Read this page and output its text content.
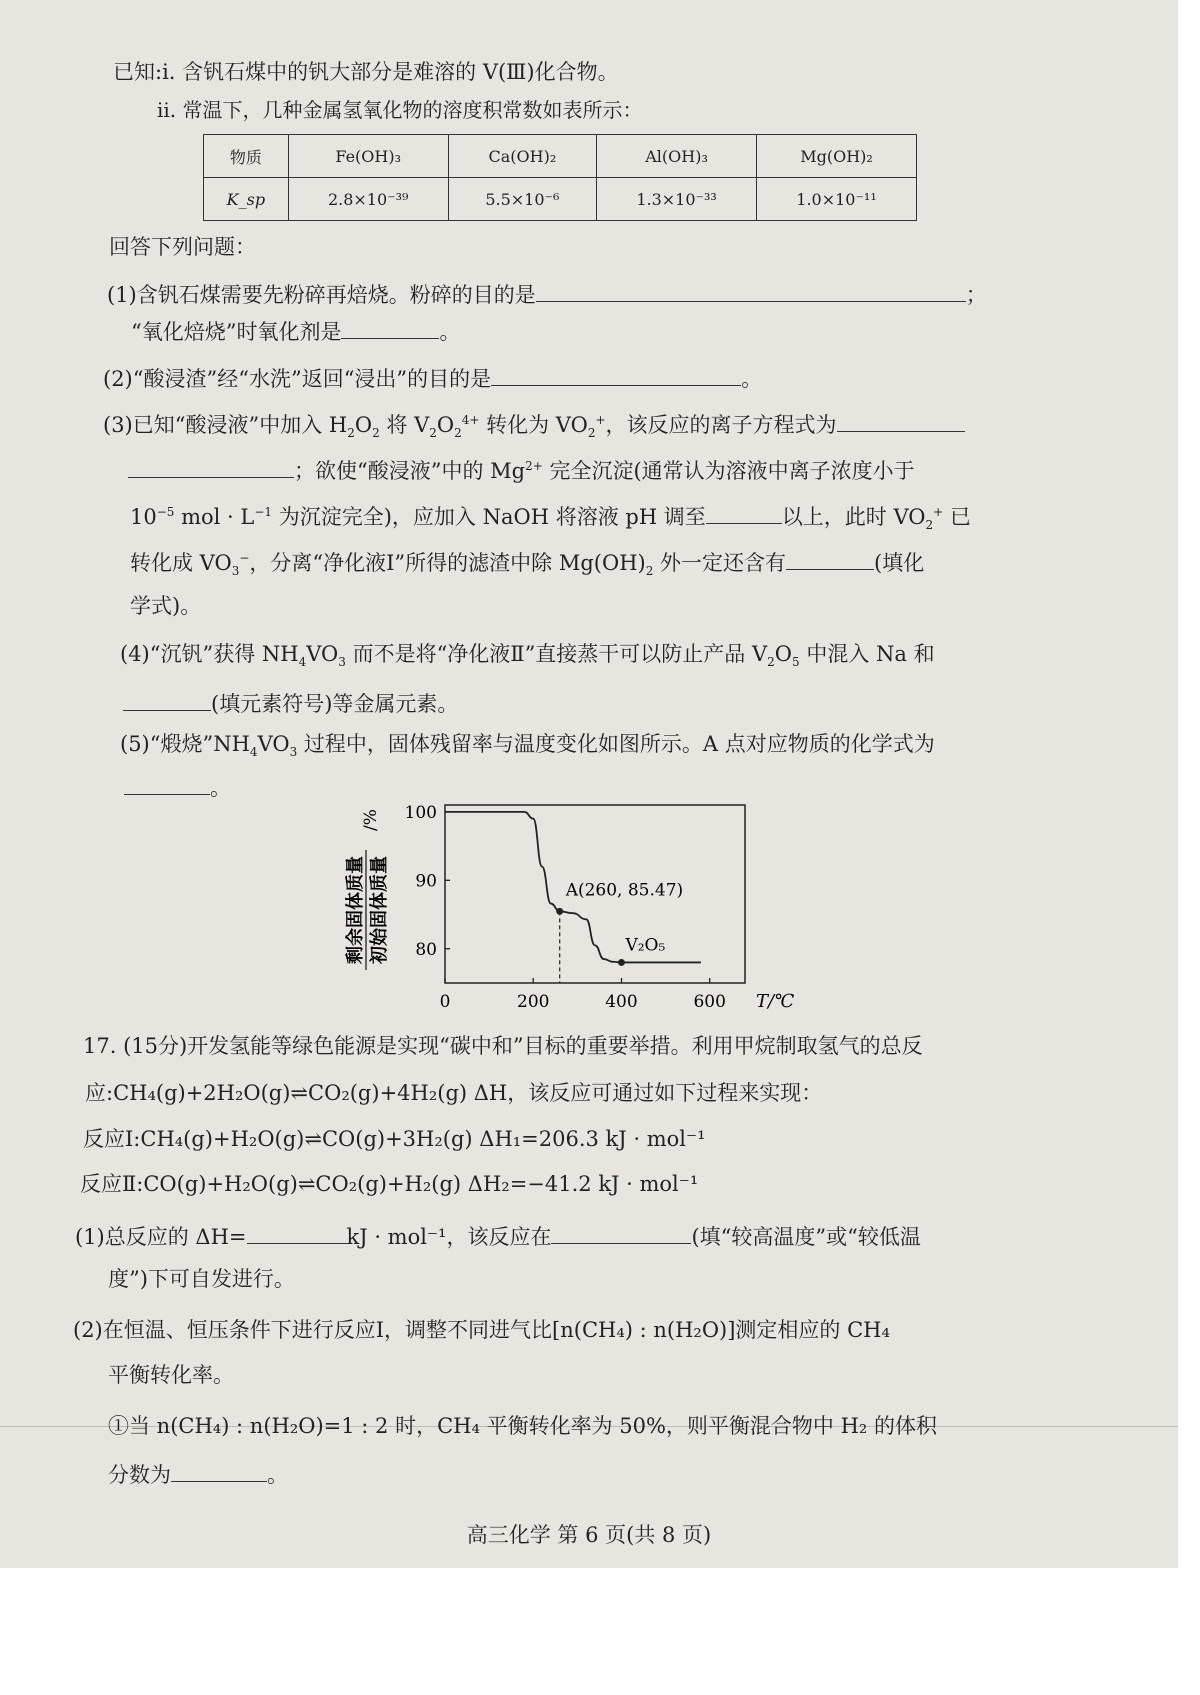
已知:i. 含钒石煤中的钒大部分是难溶的 V(Ⅲ)化合物。
ii. 常温下，几种金属氢氧化物的溶度积常数如表所示：
物质	Fe(OH)₃	Ca(OH)₂	Al(OH)₃	Mg(OH)₂
K_sp	2.8×10⁻³⁹	5.5×10⁻⁶	1.3×10⁻³³	1.0×10⁻¹¹
回答下列问题：
(1)含钒石煤需要先粉碎再焙烧。粉碎的目的是	；
“氧化焙烧”时氧化剂是	。
(2)“酸浸渣”经“水洗”返回“浸出”的目的是	。
(3)已知“酸浸液”中加入 $H_2O_2$ 将 $V_2O_2^{4+}$ 转化为 $VO_2^+$，该反应的离子方程式为
；欲使“酸浸液”中的 $Mg^{2+}$ 完全沉淀(通常认为溶液中离子浓度小于
$10^{-5}$ mol · $L^{-1}$ 为沉淀完全)，应加入 NaOH 将溶液 pH 调至	以上，此时 $VO_2^+$ 已
转化成 $VO_3^-$，分离“净化液Ⅰ”所得的滤渣中除 $Mg(OH)_2$ 外一定还含有	(填化
学式)。
(4)“沉钒”获得 $NH_4VO_3$ 而不是将“净化液Ⅱ”直接蒸干可以防止产品 $V_2O_5$ 中混入 Na 和
(填元素符号)等金属元素。
(5)“煅烧$”NH_4VO_3$ 过程中，固体残留率与温度变化如图所示。A 点对应物质的化学式为
。
剩余固体质量 初始固体质量
/%
0	200	400	600
80
90
100
A(260, 85.47)
V₂O₅
T/℃
17. (15分)开发氢能等绿色能源是实现“碳中和”目标的重要举措。利用甲烷制取氢气的总反
应:CH₄(g)+2H₂O(g)⇌CO₂(g)+4H₂(g) ΔH，该反应可通过如下过程来实现：
反应Ⅰ:CH₄(g)+H₂O(g)⇌CO(g)+3H₂(g) ΔH₁=206.3 kJ · mol⁻¹
反应Ⅱ:CO(g)+H₂O(g)⇌CO₂(g)+H₂(g) ΔH₂=−41.2 kJ · mol⁻¹
(1)总反应的 ΔH=	kJ · mol⁻¹，该反应在	(填“较高温度”或“较低温
度”)下可自发进行。
(2)在恒温、恒压条件下进行反应Ⅰ，调整不同进气比[n(CH₄) : n(H₂O)]测定相应的 CH₄
平衡转化率。
①当 n(CH₄) : n(H₂O)=1 : 2 时，CH₄ 平衡转化率为 50%，则平衡混合物中 H₂ 的体积
分数为	。
高三化学 第 6 页(共 8 页)
